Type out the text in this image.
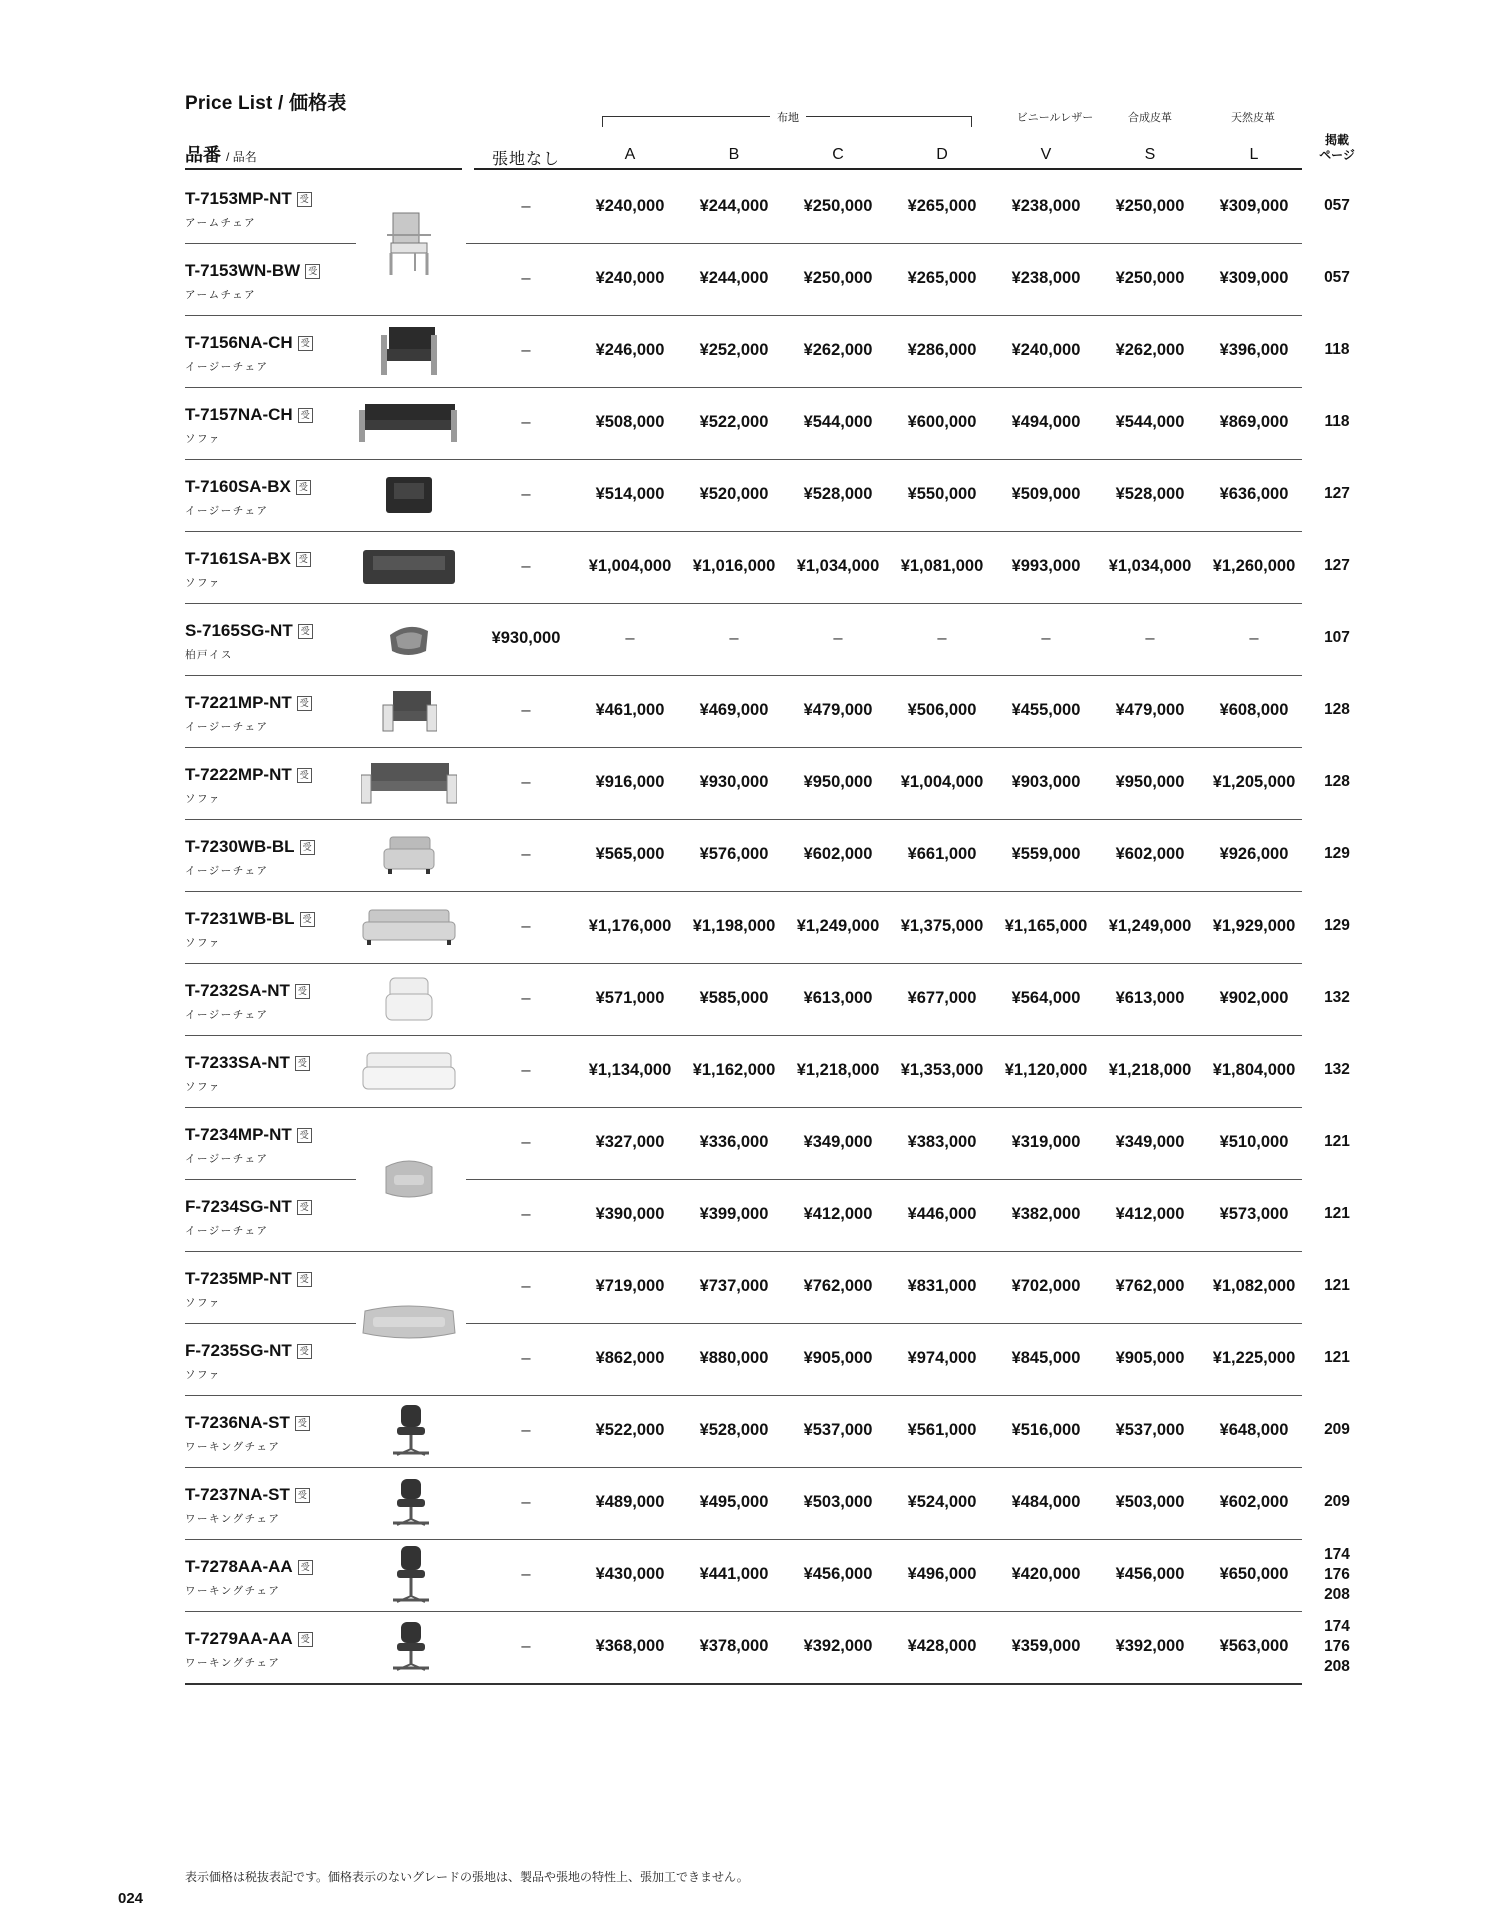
Price List / 価格表
布地	ビニールレザー	合成皮革	天然皮革
品番 / 品名	張地なし	A	B	C	D	V	S	L
掲載
ページ
T-7153MP-NT 受
アームチェア
–	¥240,000	¥244,000	¥250,000	¥265,000	¥238,000	¥250,000	¥309,000	057
T-7153WN-BW 受
アームチェア
–	¥240,000	¥244,000	¥250,000	¥265,000	¥238,000	¥250,000	¥309,000	057
T-7156NA-CH 受
イージーチェア
–	¥246,000	¥252,000	¥262,000	¥286,000	¥240,000	¥262,000	¥396,000	118
T-7157NA-CH 受
ソファ
–	¥508,000	¥522,000	¥544,000	¥600,000	¥494,000	¥544,000	¥869,000	118
T-7160SA-BX 受
イージーチェア
–	¥514,000	¥520,000	¥528,000	¥550,000	¥509,000	¥528,000	¥636,000	127
T-7161SA-BX 受
ソファ
–	¥1,004,000	¥1,016,000	¥1,034,000	¥1,081,000	¥993,000	¥1,034,000	¥1,260,000	127
S-7165SG-NT 受
柏戸イス
¥930,000	–	–	–	–	–	–	–	107
T-7221MP-NT 受
イージーチェア
–	¥461,000	¥469,000	¥479,000	¥506,000	¥455,000	¥479,000	¥608,000	128
T-7222MP-NT 受
ソファ
–	¥916,000	¥930,000	¥950,000	¥1,004,000	¥903,000	¥950,000	¥1,205,000	128
T-7230WB-BL 受
イージーチェア
–	¥565,000	¥576,000	¥602,000	¥661,000	¥559,000	¥602,000	¥926,000	129
T-7231WB-BL 受
ソファ
–	¥1,176,000	¥1,198,000	¥1,249,000	¥1,375,000	¥1,165,000	¥1,249,000	¥1,929,000	129
T-7232SA-NT 受
イージーチェア
–	¥571,000	¥585,000	¥613,000	¥677,000	¥564,000	¥613,000	¥902,000	132
T-7233SA-NT 受
ソファ
–	¥1,134,000	¥1,162,000	¥1,218,000	¥1,353,000	¥1,120,000	¥1,218,000	¥1,804,000	132
T-7234MP-NT 受
イージーチェア
–	¥327,000	¥336,000	¥349,000	¥383,000	¥319,000	¥349,000	¥510,000	121
F-7234SG-NT 受
イージーチェア
–	¥390,000	¥399,000	¥412,000	¥446,000	¥382,000	¥412,000	¥573,000	121
T-7235MP-NT 受
ソファ
–	¥719,000	¥737,000	¥762,000	¥831,000	¥702,000	¥762,000	¥1,082,000	121
F-7235SG-NT 受
ソファ
–	¥862,000	¥880,000	¥905,000	¥974,000	¥845,000	¥905,000	¥1,225,000	121
T-7236NA-ST 受
ワーキングチェア
–	¥522,000	¥528,000	¥537,000	¥561,000	¥516,000	¥537,000	¥648,000	209
T-7237NA-ST 受
ワーキングチェア
–	¥489,000	¥495,000	¥503,000	¥524,000	¥484,000	¥503,000	¥602,000	209
T-7278AA-AA 受
ワーキングチェア
–	¥430,000	¥441,000	¥456,000	¥496,000	¥420,000	¥456,000	¥650,000
174
176
208
T-7279AA-AA 受
ワーキングチェア
–	¥368,000	¥378,000	¥392,000	¥428,000	¥359,000	¥392,000	¥563,000
174
176
208
表示価格は税抜表記です。価格表示のないグレードの張地は、製品や張地の特性上、張加工できません。
024
